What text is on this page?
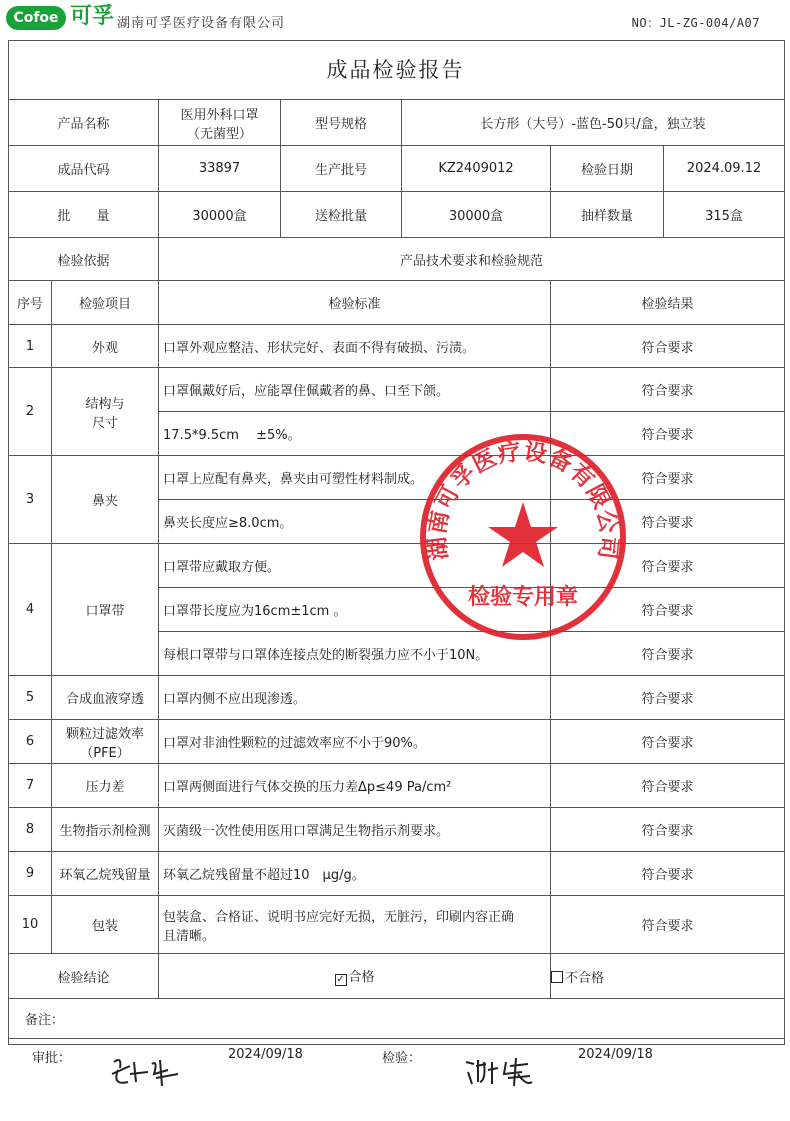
Cofoe 可孚 湖南可孚医疗设备有限公司	NO：JL-ZG-004/A07
成品检验报告
产品名称		医用外科口罩
（无菌型）	型号规格	长方形（大号）-蓝色-50只/盒，独立装		
成品代码		33897	生产批号	KZ2409012	检验日期	2024.09.12
批　　量		30000盒	送检批量	30000盒	抽样数量	315盒
检验依据		产品技术要求和检验规范				
序号	检验项目	检验标准			检验结果	
1	外观	口罩外观应整洁、形状完好、表面不得有破损、污渍。			符合要求	
2	结构与
尺寸	口罩佩戴好后，应能罩住佩戴者的鼻、口至下颌。			符合要求	
		17.5*9.5cm　 ±5%。			符合要求	
3	鼻夹	口罩上应配有鼻夹，鼻夹由可塑性材料制成。			符合要求	
		鼻夹长度应≥8.0cm。			符合要求	
4	口罩带	口罩带应戴取方便。			符合要求	
		口罩带长度应为16cm±1cm 。			符合要求	
		每根口罩带与口罩体连接点处的断裂强力应不小于10N。			符合要求	
5	合成血液穿透	口罩内侧不应出现渗透。			符合要求	
6	颗粒过滤效率
（PFE）	口罩对非油性颗粒的过滤效率应不小于90%。			符合要求	
7	压力差	口罩两侧面进行气体交换的压力差Δp≤49 Pa/cm²			符合要求	
8	生物指示剂检测	灭菌级一次性使用医用口罩满足生物指示剂要求。			符合要求	
9	环氧乙烷残留量	环氧乙烷残留量不超过10　μg/g。			符合要求	
10	包装	包装盒、合格证、说明书应完好无损，无脏污，印刷内容正确
且清晰。			符合要求	
检验结论		✓ 合格			不合格	
备注：						
审批：	2024/09/18	检验：	2024/09/18
湖南可孚医疗设备有限公司
检验专用章
